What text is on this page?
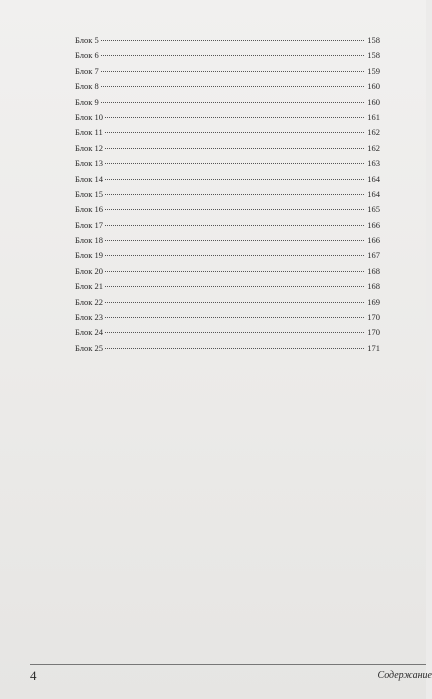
Блок 5	158
Блок 6	158
Блок 7	159
Блок 8	160
Блок 9	160
Блок 10	161
Блок 11	162
Блок 12	162
Блок 13	163
Блок 14	164
Блок 15	164
Блок 16	165
Блок 17	166
Блок 18	166
Блок 19	167
Блок 20	168
Блок 21	168
Блок 22	169
Блок 23	170
Блок 24	170
Блок 25	171
4	Содержание
